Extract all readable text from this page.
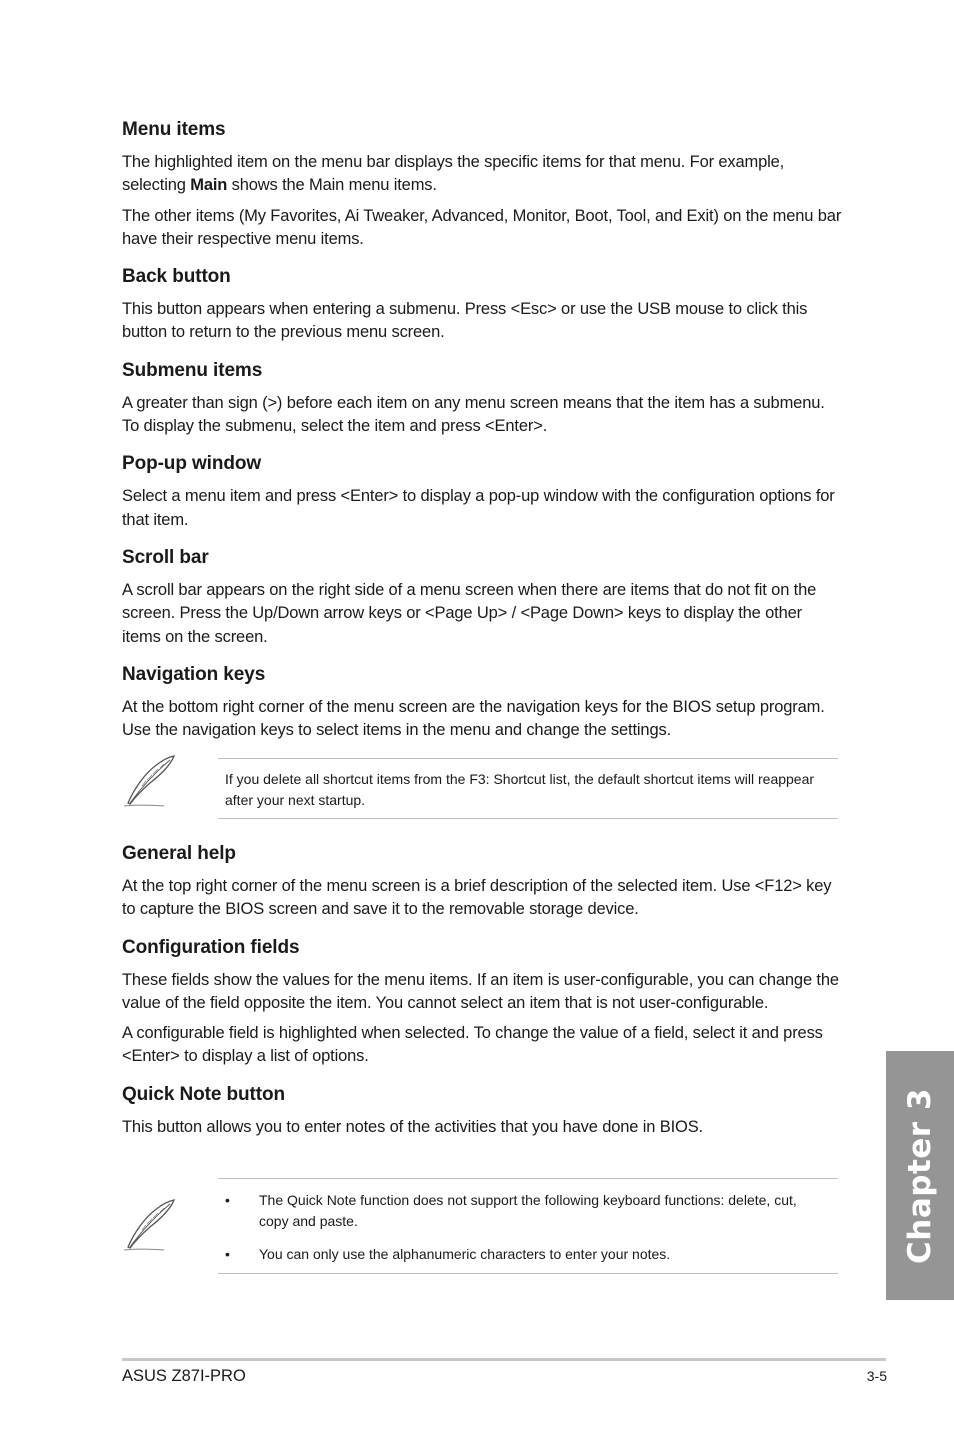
Menu items

The highlighted item on the menu bar displays the specific items for that menu. For example, selecting Main shows the Main menu items.

The other items (My Favorites, Ai Tweaker, Advanced, Monitor, Boot, Tool, and Exit) on the menu bar have their respective menu items.

Back button

This button appears when entering a submenu. Press <Esc> or use the USB mouse to click this button to return to the previous menu screen.

Submenu items

A greater than sign (>) before each item on any menu screen means that the item has a submenu. To display the submenu, select the item and press <Enter>.

Pop-up window

Select a menu item and press <Enter> to display a pop-up window with the configuration options for that item.

Scroll bar

A scroll bar appears on the right side of a menu screen when there are items that do not fit on the screen. Press the Up/Down arrow keys or <Page Up> / <Page Down> keys to display the other items on the screen.

Navigation keys

At the bottom right corner of the menu screen are the navigation keys for the BIOS setup program. Use the navigation keys to select items in the menu and change the settings.

If you delete all shortcut items from the F3: Shortcut list, the default shortcut items will reappear after your next startup.
General help

At the top right corner of the menu screen is a brief description of the selected item. Use <F12> key to capture the BIOS screen and save it to the removable storage device.

Configuration fields

These fields show the values for the menu items. If an item is user-configurable, you can change the value of the field opposite the item. You cannot select an item that is not user-configurable.

A configurable field is highlighted when selected. To change the value of a field, select it and press <Enter> to display a list of options.

Quick Note button

This button allows you to enter notes of the activities that you have done in BIOS.

• The Quick Note function does not support the following keyboard functions: delete, cut, copy and paste.
• You can only use the alphanumeric characters to enter your notes.	Chapter 3
ASUS Z87I-PRO	3-5
